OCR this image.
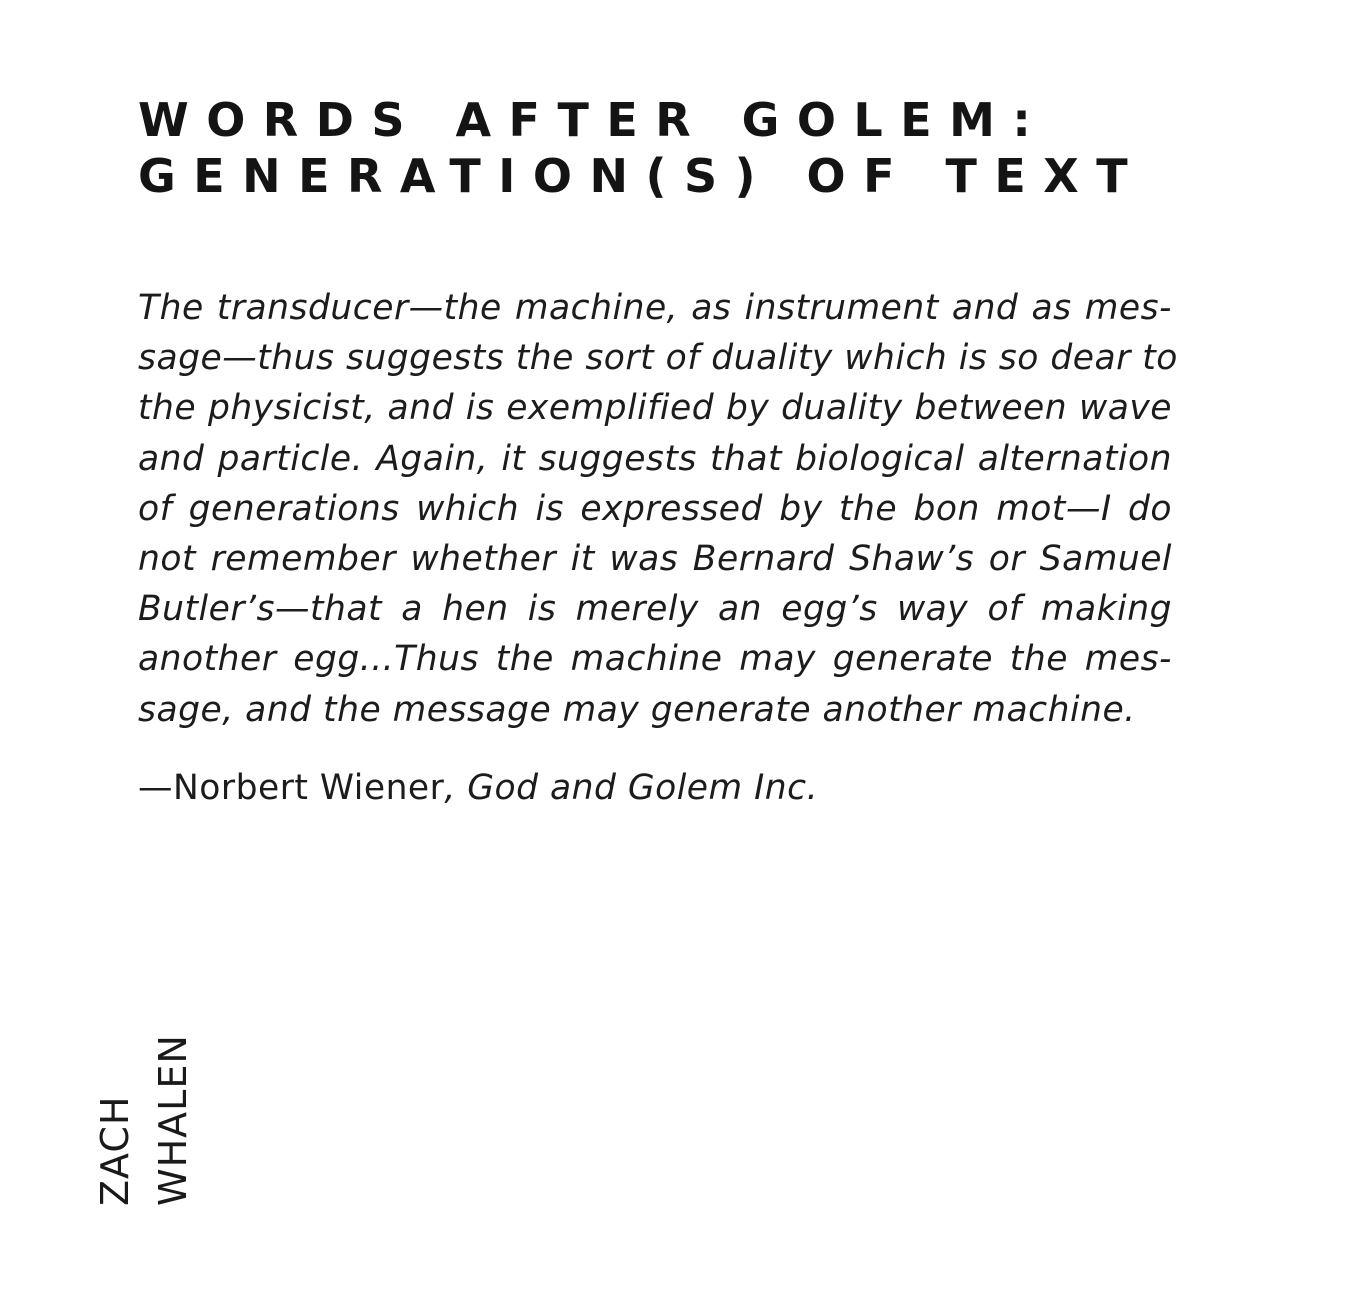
WORDS AFTER GOLEM:
GENERATION(S) OF TEXT
The transducer—the machine, as instrument and as mes-
sage—thus suggests the sort of duality which is so dear to
the physicist, and is exemplified by duality between wave
and particle. Again, it suggests that biological alternation
of generations which is expressed by the bon mot—I do
not remember whether it was Bernard Shaw’s or Samuel
Butler’s—that a hen is merely an egg’s way of making
another egg...Thus the machine may generate the mes-
sage, and the message may generate another machine.

—Norbert Wiener, God and Golem Inc.

ZACH WHALEN
